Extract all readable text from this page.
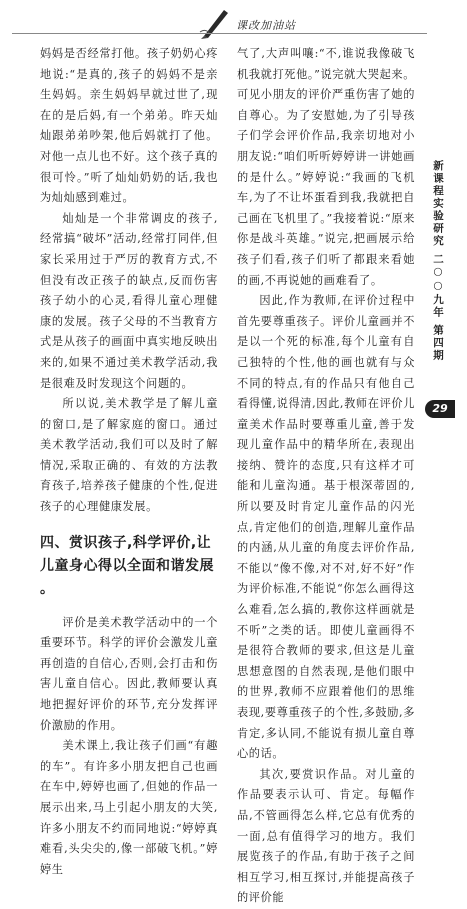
课改加油站

妈妈是否经常打他。孩子奶奶心疼地说:“是真的,孩子的妈妈不是亲生妈妈。亲生妈妈早就过世了,现在的是后妈,有一个弟弟。昨天灿灿跟弟弟吵架,他后妈就打了他。对他一点儿也不好。这个孩子真的很可怜。”听了灿灿奶奶的话,我也为灿灿感到难过。

灿灿是一个非常调皮的孩子,经常搞“破坏”活动,经常打同伴,但家长采用过于严厉的教育方式,不但没有改正孩子的缺点,反而伤害孩子幼小的心灵,看得儿童心理健康的发展。孩子父母的不当教育方式是从孩子的画面中真实地反映出来的,如果不通过美术教学活动,我是很难及时发现这个问题的。

所以说,美术教学是了解儿童的窗口,是了解家庭的窗口。通过美术教学活动,我们可以及时了解情况,采取正确的、有效的方法教育孩子,培养孩子健康的个性,促进孩子的心理健康发展。

四、赏识孩子,科学评价,让儿童身心得以全面和谐发展 。

评价是美术教学活动中的一个重要环节。科学的评价会激发儿童再创造的自信心,否则,会打击和伤害儿童自信心。因此,教师要认真地把握好评价的环节,充分发挥评价激励的作用。

美术课上,我让孩子们画“有趣的车”。有许多小朋友把自己也画在车中,婷婷也画了,但她的作品一展示出来,马上引起小朋友的大笑,许多小朋友不约而同地说:“婷婷真难看,头尖尖的,像一部破飞机。”婷婷生

气了,大声叫嚷:“不,谁说我像破飞机我就打死他。”说完就大哭起来。可见小朋友的评价严重伤害了她的自尊心。为了安慰她,为了引导孩子们学会评价作品,我亲切地对小朋友说:“咱们听听婷婷讲一讲她画的是什么。”婷婷说:“我画的飞机车,为了不让坏蛋看到我,我就把自己画在飞机里了。”我接着说:“原来你是战斗英雄。”说完,把画展示给孩子们看,孩子们听了都跟来看她的画,不再说她的画难看了。

因此,作为教师,在评价过程中首先要尊重孩子。评价儿童画并不是以一个死的标准,每个儿童有自己独特的个性,他的画也就有与众不同的特点,有的作品只有他自己看得懂,说得清,因此,教师在评价儿童美术作品时要尊重儿童,善于发现儿童作品中的精华所在,表现出接纳、赞许的态度,只有这样才可能和儿童沟通。基于根深蒂固的,所以要及时肯定儿童作品的闪光点,肯定他们的创造,理解儿童作品的内涵,从儿童的角度去评价作品,不能以“像不像,对不对,好不好”作为评价标准,不能说“你怎么画得这么难看,怎么搞的,教你这样画就是不听”之类的话。即使儿童画得不是很符合教师的要求,但这是儿童思想意图的自然表现,是他们眼中的世界,教师不应跟着他们的思维表现,要尊重孩子的个性,多鼓励,多肯定,多认同,不能说有损儿童自尊心的话。

其次,要赏识作品。对儿童的作品要表示认可、肯定。每幅作品,不管画得怎么样,它总有优秀的一面,总有值得学习的地方。我们展览孩子的作品,有助于孩子之间相互学习,相互探讨,并能提高孩子的评价能

新课程实验研究 二○○九年 第四期
29
